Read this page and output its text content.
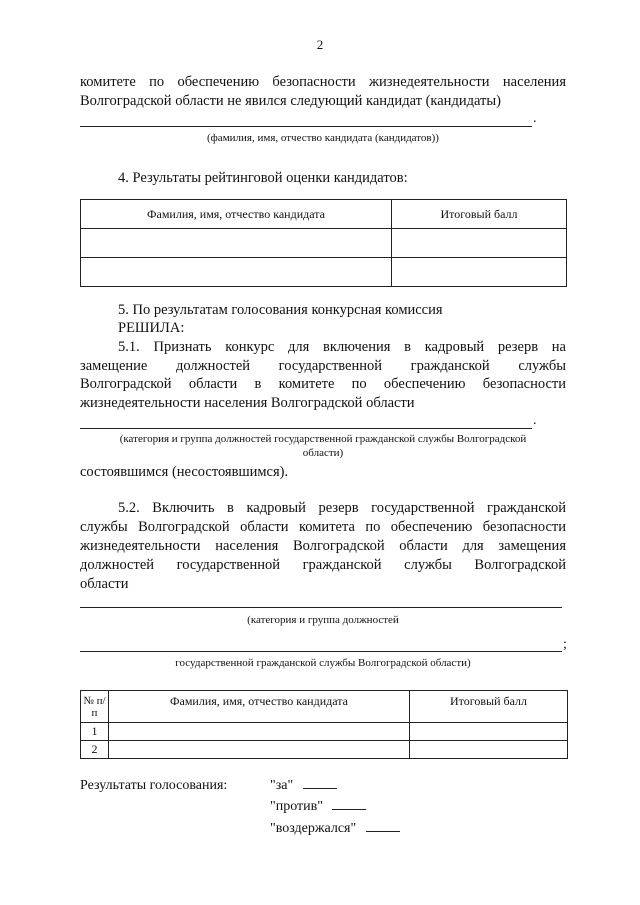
2
комитете по обеспечению безопасности жизнедеятельности населения
Волгоградской области не явился следующий кандидат (кандидаты)
.
(фамилия, имя, отчество кандидата (кандидатов))
4. Результаты рейтинговой оценки кандидатов:
Фамилия, имя, отчество кандидата	Итоговый балл

5. По результатам голосования конкурсная комиссия
РЕШИЛА:
5.1. Признать конкурс для включения в кадровый резерв на
замещение должностей государственной гражданской службы
Волгоградской области в комитете по обеспечению безопасности
жизнедеятельности населения Волгоградской области
.
(категория и группа должностей государственной гражданской службы Волгоградской
области)
состоявшимся (несостоявшимся).
5.2. Включить в кадровый резерв государственной гражданской
службы Волгоградской области комитета по обеспечению безопасности
жизнедеятельности населения Волгоградской области для замещения
должностей государственной гражданской службы Волгоградской
области
(категория и группа должностей
;
государственной гражданской службы Волгоградской области)
№ п/п	Фамилия, имя, отчество кандидата	Итоговый балл
1		
2		
Результаты голосования:	"за"
"против"
"воздержался"
